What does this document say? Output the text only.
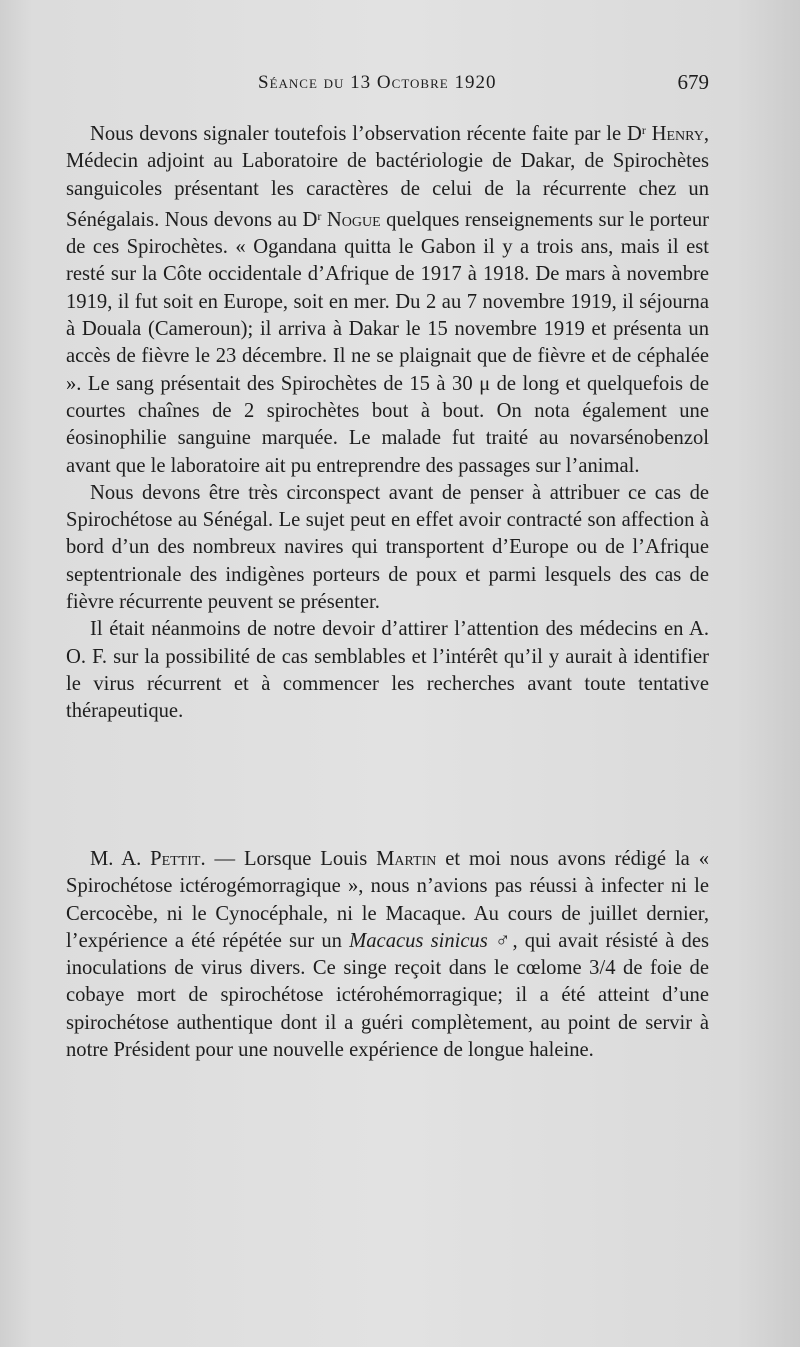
Séance du 13 Octobre 1920	679

Nous devons signaler toutefois l’observation récente faite par le $D^r$ Henry, Médecin adjoint au Laboratoire de bactériologie de Dakar, de Spirochètes sanguicoles présentant les caractères de celui de la récurrente chez un Sénégalais. Nous devons au $D^r$ Nogue quelques renseignements sur le porteur de ces Spirochètes. « Ogandana quitta le Gabon il y a trois ans, mais il est resté sur la Côte occidentale d’Afrique de 1917 à 1918. De mars à novembre 1919, il fut soit en Europe, soit en mer. Du 2 au 7 novembre 1919, il séjourna à Douala (Cameroun); il arriva à Dakar le 15 novembre 1919 et présenta un accès de fièvre le 23 décembre. Il ne se plaignait que de fièvre et de céphalée ». Le sang présentait des Spirochètes de 15 à 30 μ de long et quelquefois de courtes chaînes de 2 spirochètes bout à bout. On nota également une éosinophilie sanguine marquée. Le malade fut traité au novarsénobenzol avant que le laboratoire ait pu entreprendre des passages sur l’animal.

Nous devons être très circonspect avant de penser à attribuer ce cas de Spirochétose au Sénégal. Le sujet peut en effet avoir contracté son affection à bord d’un des nombreux navires qui transportent d’Europe ou de l’Afrique septentrionale des indigènes porteurs de poux et parmi lesquels des cas de fièvre récurrente peuvent se présenter.

Il était néanmoins de notre devoir d’attirer l’attention des médecins en A. O. F. sur la possibilité de cas semblables et l’intérêt qu’il y aurait à identifier le virus récurrent et à commencer les recherches avant toute tentative thérapeutique.

M. A. Pettit. — Lorsque Louis Martin et moi nous avons rédigé la « Spirochétose ictérogémorragique », nous n’avions pas réussi à infecter ni le Cercocèbe, ni le Cynocéphale, ni le Macaque. Au cours de juillet dernier, l’expérience a été répétée sur un Macacus sinicus ♂, qui avait résisté à des inoculations de virus divers. Ce singe reçoit dans le cœlome 3/4 de foie de cobaye mort de spirochétose ictérohémorragique; il a été atteint d’une spirochétose authentique dont il a guéri complètement, au point de servir à notre Président pour une nouvelle expérience de longue haleine.
